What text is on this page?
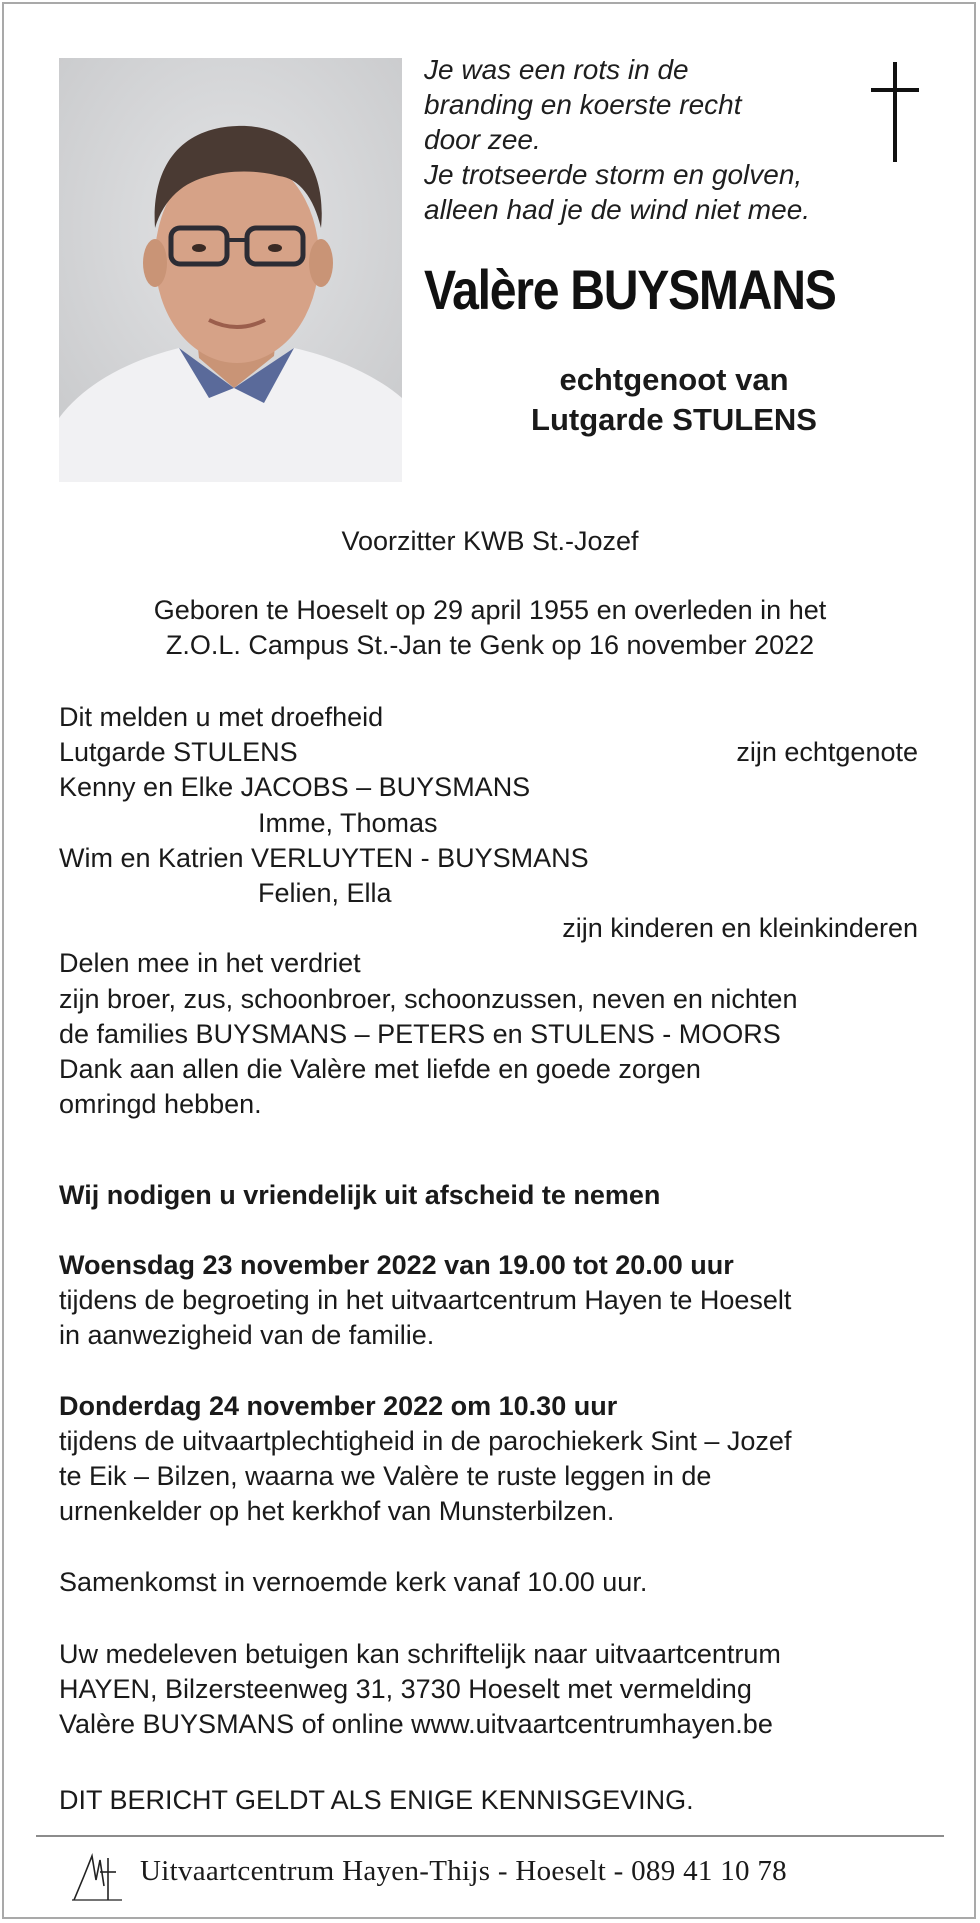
Je was een rots in de
branding en koerste recht
door zee.
Je trotseerde storm en golven,
alleen had je de wind niet mee.
Valère BUYSMANS
echtgenoot van
Lutgarde STULENS
Voorzitter KWB St.-Jozef
Geboren te Hoeselt op 29 april 1955 en overleden in het
Z.O.L. Campus St.-Jan te Genk op 16 november 2022
Dit melden u met droefheid
Lutgarde STULENS	zijn echtgenote
Kenny en Elke JACOBS – BUYSMANS
Imme, Thomas
Wim en Katrien VERLUYTEN - BUYSMANS
Felien, Ella
zijn kinderen en kleinkinderen
Delen mee in het verdriet
zijn broer, zus, schoonbroer, schoonzussen, neven en nichten
de families BUYSMANS – PETERS en STULENS - MOORS
Dank aan allen die Valère met liefde en goede zorgen
omringd hebben.
Wij nodigen u vriendelijk uit afscheid te nemen
Woensdag 23 november 2022 van 19.00 tot 20.00 uur
tijdens de begroeting in het uitvaartcentrum Hayen te Hoeselt
in aanwezigheid van de familie.
Donderdag 24 november 2022 om 10.30 uur
tijdens de uitvaartplechtigheid in de parochiekerk Sint – Jozef
te Eik – Bilzen, waarna we Valère te ruste leggen in de
urnenkelder op het kerkhof van Munsterbilzen.
Samenkomst in vernoemde kerk vanaf 10.00 uur.
Uw medeleven betuigen kan schriftelijk naar uitvaartcentrum
HAYEN, Bilzersteenweg 31, 3730 Hoeselt met vermelding
Valère BUYSMANS of online www.uitvaartcentrumhayen.be
DIT BERICHT GELDT ALS ENIGE KENNISGEVING.
Uitvaartcentrum Hayen-Thijs - Hoeselt - 089 41 10 78
